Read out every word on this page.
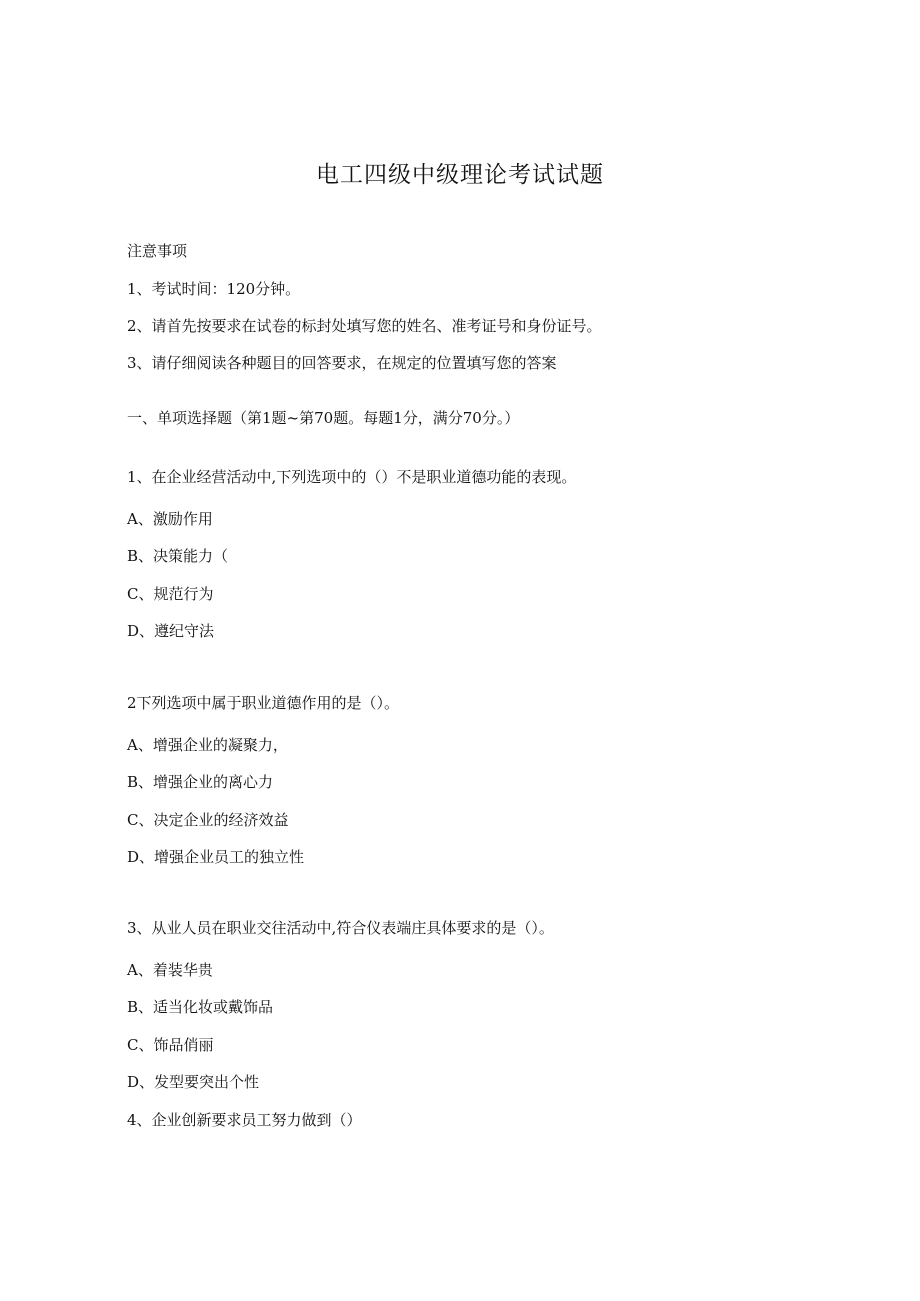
电工四级中级理论考试试题

注意事项

1、考试时间：120分钟。

2、请首先按要求在试卷的标封处填写您的姓名、准考证号和身份证号。

3、请仔细阅读各种题目的回答要求，在规定的位置填写您的答案

一、单项选择题（第1题~第70题。每题1分，满分70分。）

1、在企业经营活动中,下列选项中的（）不是职业道德功能的表现。

A、激励作用

B、决策能力（

C、规范行为

D、遵纪守法

2下列选项中属于职业道德作用的是（）。

A、增强企业的凝聚力，

B、增强企业的离心力

C、决定企业的经济效益

D、增强企业员工的独立性

3、从业人员在职业交往活动中,符合仪表端庄具体要求的是（）。

A、着装华贵

B、适当化妆或戴饰品

C、饰品俏丽

D、发型要突出个性

4、企业创新要求员工努力做到（）
